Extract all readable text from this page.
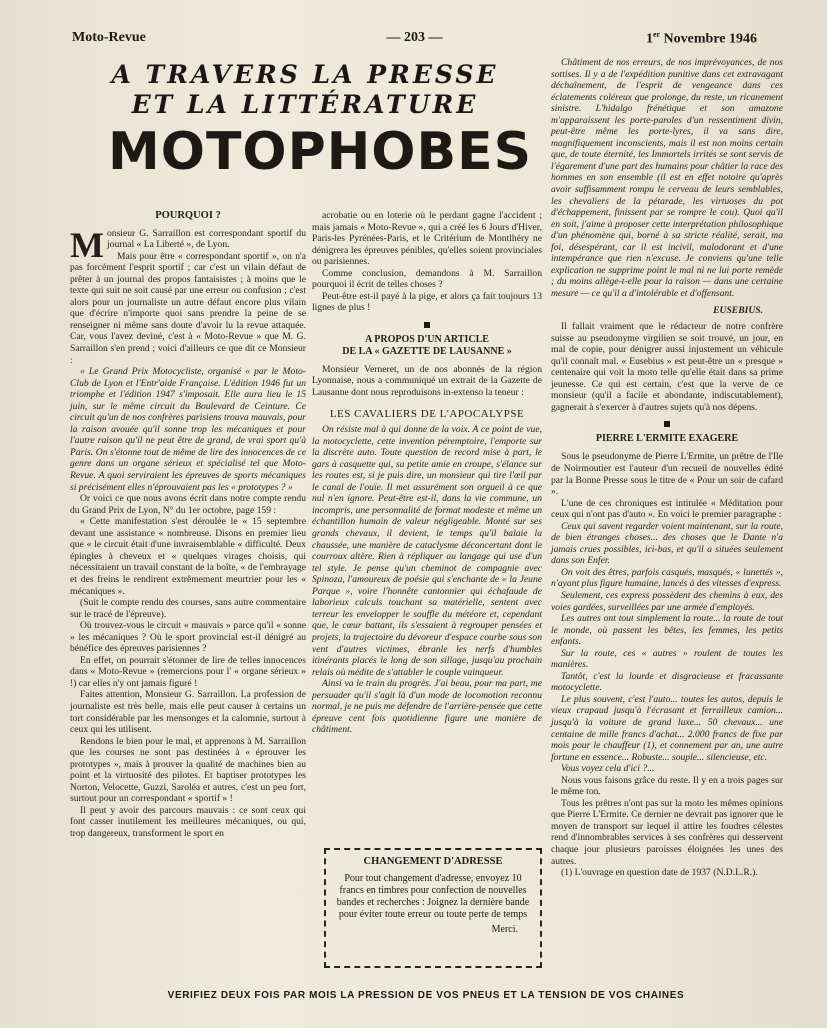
Moto-Revue	— 203 —	1er Novembre 1946
A TRAVERS LA PRESSE
ET LA LITTÉRATURE
MOTOPHOBES
POURQUOI ?

Monsieur G. Sarraillon est correspondant sportif du journal « La Liberté », de Lyon.

Mais pour être « correspondant sportif », on n'a pas forcément l'esprit sportif ; car c'est un vilain défaut de prêter à un journal des propos fantaisistes ; à moins que le texte qui suit ne soit causé par une erreur ou confusion ; c'est alors pour un journaliste un autre défaut encore plus vilain que d'écrire n'importe quoi sans prendre la peine de se renseigner ni même sans doute d'avoir lu la revue attaquée. Car, vous l'avez deviné, c'est à « Moto-Revue » que M. G. Sarraillon s'en prend ; voici d'ailleurs ce que dit ce Monsieur :

« Le Grand Prix Motocycliste, organisé « par le Moto-Club de Lyon et l'Entr'aide Française. L'édition 1946 fut un triomphe et l'édition 1947 s'imposait. Elle aura lieu le 15 juin, sur le même circuit du Boulevard de Ceinture. Ce circuit qu'un de nos confrères parisiens trouva mauvais, pour la raison avouée qu'il sonne trop les mécaniques et pour l'autre raison qu'il ne peut être de grand, de vrai sport qu'à Paris. On s'étonne tout de même de lire des innocences de ce genre dans un organe sérieux et spécialisé tel que Moto-Revue. A quoi serviraient les épreuves de sports mécaniques si précisément elles n'éprouvaient pas les « prototypes ? »

Or voici ce que nous avons écrit dans notre compte rendu du Grand Prix de Lyon, N° du 1er octobre, page 159 :

« Cette manifestation s'est déroulée le « 15 septembre devant une assistance « nombreuse. Disons en premier lieu que « le circuit était d'une invraisemblable « difficulté. Deux épingles à cheveux et « quelques virages choisis, qui nécessitaient un travail constant de la boîte, « de l'embrayage et des freins le rendirent extrêmement meurtrier pour les « mécaniques ».

(Suit le compte rendu des courses, sans autre commentaire sur le tracé de l'épreuve).

Où trouvez-vous le circuit « mauvais » parce qu'il « sonne » les mécaniques ? Où le sport provincial est-il dénigré au bénéfice des épreuves parisiennes ?

En effet, on pourrait s'étonner de lire de telles innocences dans « Moto-Revue » (remercions pour l' « organe sérieux » !) car elles n'y ont jamais figuré !

Faites attention, Monsieur G. Sarraillon. La profession de journaliste est très belle, mais elle peut causer à certains un tort considérable par les mensonges et la calomnie, surtout à ceux qui les utilisent.

Rendons le bien pour le mal, et apprenons à M. Sarraillon que les courses ne sont pas destinées à « éprouver les prototypes », mais à prouver la qualité de machines bien au point et la virtuosité des pilotes. Et baptiser prototypes les Norton, Velocette, Guzzi, Saroléa et autres, c'est un peu fort, surtout pour un correspondant « sportif » !

Il peut y avoir des parcours mauvais : ce sont ceux qui font casser inutilement les meilleures mécaniques, ou qui, trop dangereux, transforment le sport en

acrobatie ou en loterie où le perdant gagne l'accident ; mais jamais « Moto-Revue », qui a créé les 6 Jours d'Hiver, Paris-les Pyrénées-Paris, et le Critérium de Montlhéry ne dénigrera les épreuves pénibles, qu'elles soient provinciales ou parisiennes.

Comme conclusion, demandons à M. Sarraillon pourquoi il écrit de telles choses ?

Peut-être est-il payé à la pige, et alors ça fait toujours 13 lignes de plus !

A PROPOS D'UN ARTICLE
DE LA « GAZETTE DE LAUSANNE »

Monsieur Verneret, un de nos abonnés de la région Lyonnaise, nous a communiqué un extrait de la Gazette de Lausanne dont nous reproduisons in-extenso la teneur :

LES CAVALIERS DE L'APOCALYPSE

On résiste mal à qui donne de la voix. A ce point de vue, la motocyclette, cette invention péremptoire, l'emporte sur la discrète auto. Toute question de record mise à part, le gars à casquette qui, sa petite amie en croupe, s'élance sur les routes est, si je puis dire, un monsieur qui tire l'œil par le canal de l'ouïe. Il met assurément son orgueil à ce que nul n'en ignore. Peut-être est-il, dans la vie commune, un incompris, une personnalité de format modeste et même un échantillon humain de valeur négligeable. Monté sur ses grands chevaux, il devient, le temps qu'il balaie la chaussée, une manière de cataclysme déconcertant dont le courroux altère. Rien à répliquer au langage qui use d'un tel style. Je pense qu'un cheminot de compagnie avec Spinoza, l'amoureux de poésie qui s'enchante de « la Jeune Parque », voire l'honnête cantonnier qui échafaude de laborieux calculs touchant sa matérielle, sentent avec terreur les envelopper le souffle du météore et, cependant que, le cœur battant, ils s'essaient à regrouper pensées et projets, la trajectoire du dévoreur d'espace courbe sous son vent d'autres victimes, ébranle les nerfs d'humbles itinérants placés le long de son sillage, jusqu'au prochain relais où médite de s'attabler le couple vainqueur.

Ainsi va le train du progrès. J'ai beau, pour ma part, me persuader qu'il s'agit là d'un mode de locomotion reconnu normal, je ne puis me défendre de l'arrière-pensée que cette épreuve cent fois quotidienne figure une manière de châtiment.

CHANGEMENT D'ADRESSE
Pour tout changement d'adresse, envoyez 10 francs en timbres pour confection de nouvelles bandes et recherches : Joignez la dernière bande pour éviter toute erreur ou toute perte de temps
Merci.

Châtiment de nos erreurs, de nos imprévoyances, de nos sottises. Il y a de l'expédition punitive dans cet extravagant déchaînement, de l'esprit de vengeance dans ces éclatements coléreux que prolonge, du reste, un ricanement sinistre. L'hidalgo frénétique et son amazone m'apparaissent les porte-paroles d'un ressentiment divin, peut-être même les porte-lyres, il va sans dire, magnifiquement inconscients, mais il est non moins certain que, de toute éternité, les Immortels irrités se sont servis de l'égarement d'une part des humains pour châtier la race des hommes en son ensemble (il est en effet notoire qu'après avoir suffisamment rompu le cerveau de leurs semblables, les chevaliers de la pétarade, les virtuoses du pot d'échappement, finissent par se rompre le cou). Quoi qu'il en soit, j'aime à proposer cette interprétation philosophique d'un phénomène qui, borné à sa stricte réalité, serait, ma foi, désespérant, car il est incivil, malodorant et d'une intempérance que rien n'excuse. Je conviens qu'une telle explication ne supprime point le mal ni ne lui porte remède ; du moins allège-t-elle pour la raison — dans une certaine mesure — ce qu'il a d'intolérable et d'offensant.

EUSEBIUS.

Il fallait vraiment que le rédacteur de notre confrère suisse au pseudonyme virgilien se soit trouvé, un jour, en mal de copie, pour dénigrer aussi injustement un véhicule qu'il connaît mal. « Eusebius » est peut-être un « presque » centenaire qui voit la moto telle qu'elle était dans sa prime jeunesse. Ce qui est certain, c'est que la verve de ce monsieur (qu'il a facile et abondante, indiscutablement), gagnerait à s'exercer à d'autres sujets qu'à nos dépens.

PIERRE L'ERMITE EXAGERE

Sous le pseudonyme de Pierre L'Ermite, un prêtre de l'Ile de Noirmoutier est l'auteur d'un recueil de nouvelles édité par la Bonne Presse sous le titre de « Pour un soir de cafard ».

L'une de ces chroniques est intitulée « Méditation pour ceux qui n'ont pas d'auto ». En voici le premier paragraphe :

Ceux qui savent regarder voient maintenant, sur la route, de bien étranges choses... des choses que le Dante n'a jamais crues possibles, ici-bas, et qu'il a situées seulement dans son Enfer.

On voit des êtres, parfois casqués, masqués, « lunettés », n'ayant plus figure humaine, lancés à des vitesses d'express.

Seulement, ces express possèdent des chemins à eux, des voies gardées, surveillées par une armée d'employés.

Les autres ont tout simplement la route... la route de tout le monde, où passent les bêtes, les femmes, les petits enfants.

Sur la route, ces « autres » roulent de toutes les manières.

Tantôt, c'est la lourde et disgracieuse et fracassante motocyclette.

Le plus souvent, c'est l'auto... toutes les autos, depuis le vieux crapaud jusqu'à l'écrasant et ferrailleux camion... jusqu'à la voiture de grand luxe... 50 chevaux... une centaine de mille francs d'achat... 2.000 francs de fixe par mois pour le chauffeur (1), et connement par an, une autre fortune en essence... Robuste... souple... silencieuse, etc.

Vous voyez cela d'ici ?...

Nous vous faisons grâce du reste. Il y en a trois pages sur le même ton.

Tous les prêtres n'ont pas sur la moto les mêmes opinions que Pierre L'Ermite. Ce dernier ne devrait pas ignorer que le moyen de transport sur lequel il attire les foudres célestes rend d'innombrables services à ses confrères qui desservent chaque jour plusieurs paroisses éloignées les unes des autres.

(1) L'ouvrage en question date de 1937 (N.D.L.R.).

VERIFIEZ DEUX FOIS PAR MOIS LA PRESSION DE VOS PNEUS ET LA TENSION DE VOS CHAINES
